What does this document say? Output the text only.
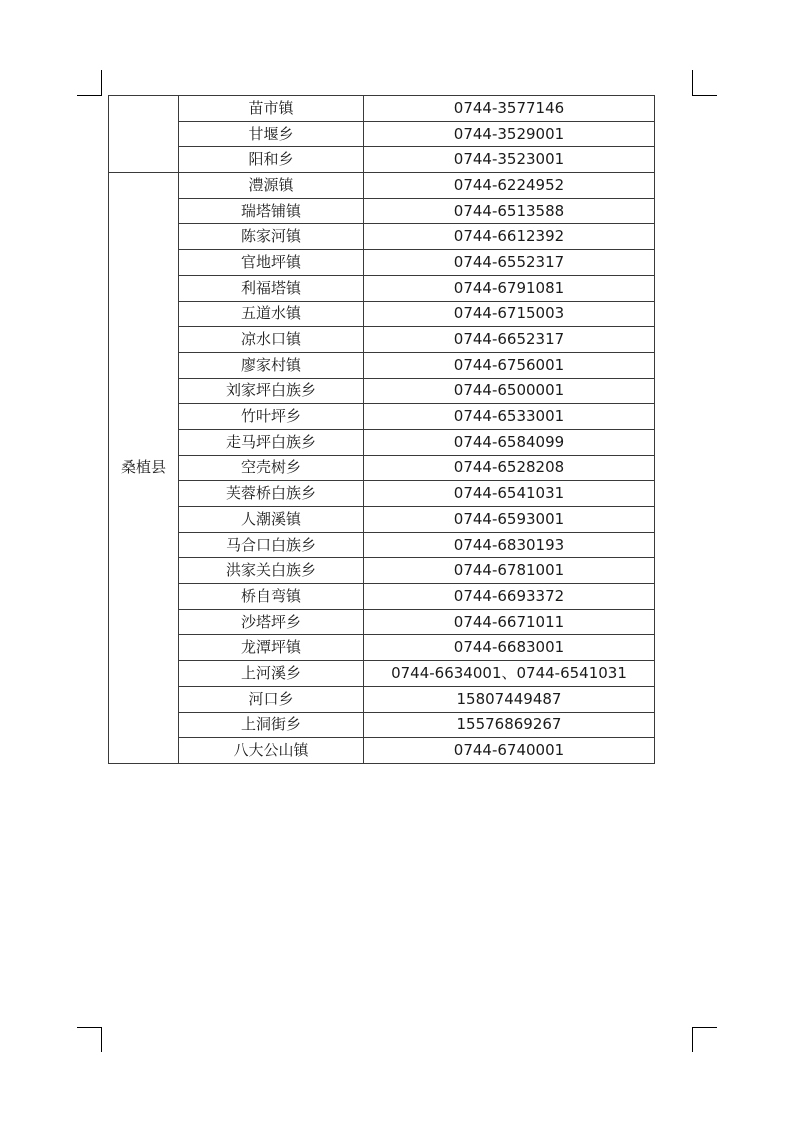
	苗市镇	0744-3577146
	甘堰乡	0744-3529001
	阳和乡	0744-3523001
桑植县	澧源镇	0744-6224952
	瑞塔铺镇	0744-6513588
	陈家河镇	0744-6612392
	官地坪镇	0744-6552317
	利福塔镇	0744-6791081
	五道水镇	0744-6715003
	凉水口镇	0744-6652317
	廖家村镇	0744-6756001
	刘家坪白族乡	0744-6500001
	竹叶坪乡	0744-6533001
	走马坪白族乡	0744-6584099
	空壳树乡	0744-6528208
	芙蓉桥白族乡	0744-6541031
	人潮溪镇	0744-6593001
	马合口白族乡	0744-6830193
	洪家关白族乡	0744-6781001
	桥自弯镇	0744-6693372
	沙塔坪乡	0744-6671011
	龙潭坪镇	0744-6683001
	上河溪乡	0744-6634001、0744-6541031
	河口乡	15807449487
	上洞街乡	15576869267
	八大公山镇	0744-6740001
